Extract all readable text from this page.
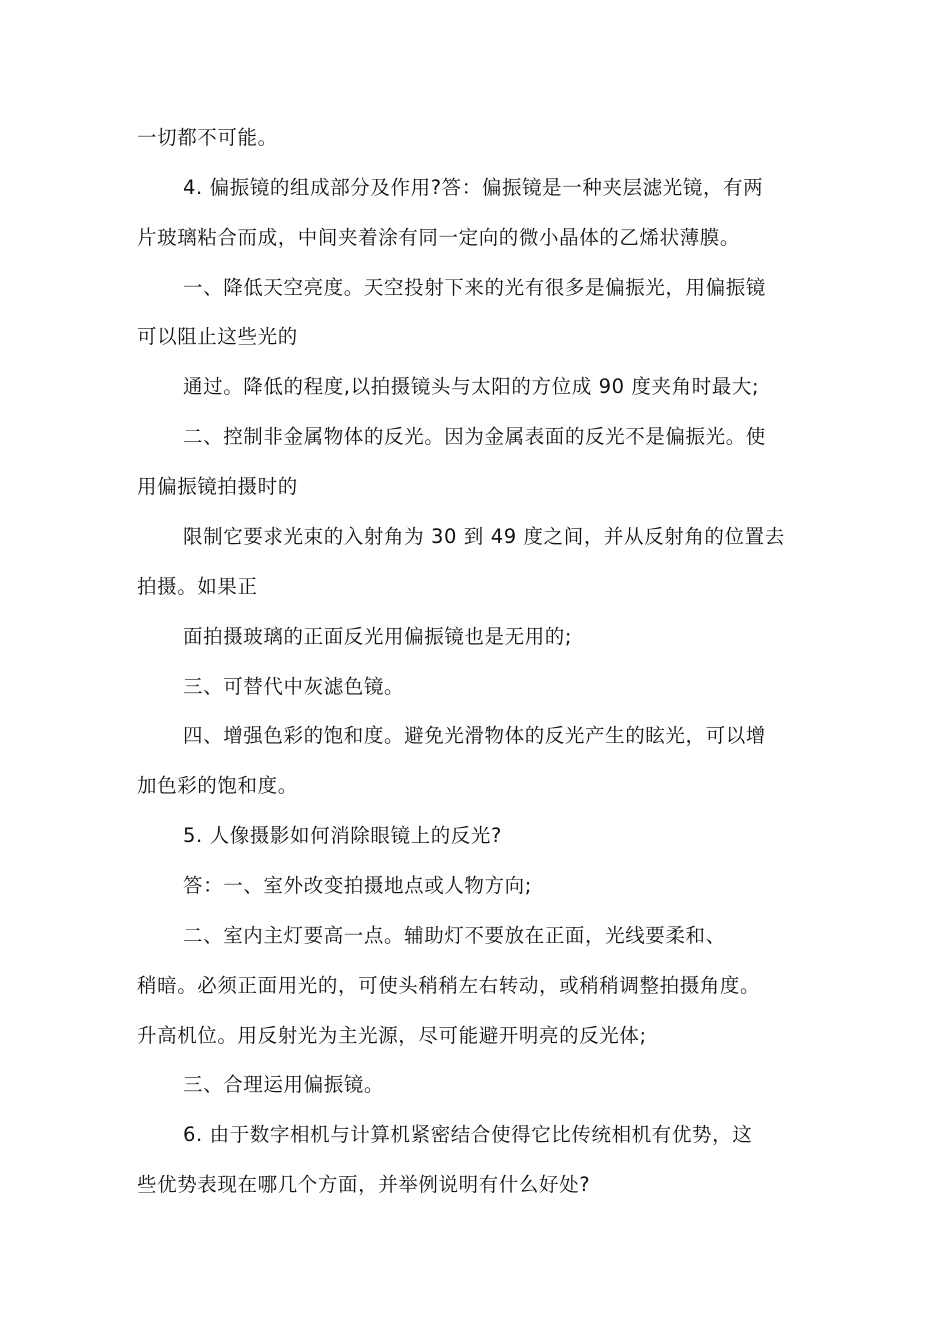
一切都不可能。
4. 偏振镜的组成部分及作用?答：偏振镜是一种夹层滤光镜，有两
片玻璃粘合而成，中间夹着涂有同一定向的微小晶体的乙烯状薄膜。
一、降低天空亮度。天空投射下来的光有很多是偏振光，用偏振镜
可以阻止这些光的
通过。降低的程度,以拍摄镜头与太阳的方位成 90 度夹角时最大;
二、控制非金属物体的反光。因为金属表面的反光不是偏振光。使
用偏振镜拍摄时的
限制它要求光束的入射角为 30 到 49 度之间，并从反射角的位置去
拍摄。如果正
面拍摄玻璃的正面反光用偏振镜也是无用的;
三、可替代中灰滤色镜。
四、增强色彩的饱和度。避免光滑物体的反光产生的眩光，可以增
加色彩的饱和度。
5. 人像摄影如何消除眼镜上的反光?
答：一、室外改变拍摄地点或人物方向;
二、室内主灯要高一点。辅助灯不要放在正面，光线要柔和、
稍暗。必须正面用光的，可使头稍稍左右转动，或稍稍调整拍摄角度。
升高机位。用反射光为主光源，尽可能避开明亮的反光体;
三、合理运用偏振镜。
6. 由于数字相机与计算机紧密结合使得它比传统相机有优势，这
些优势表现在哪几个方面，并举例说明有什么好处?
